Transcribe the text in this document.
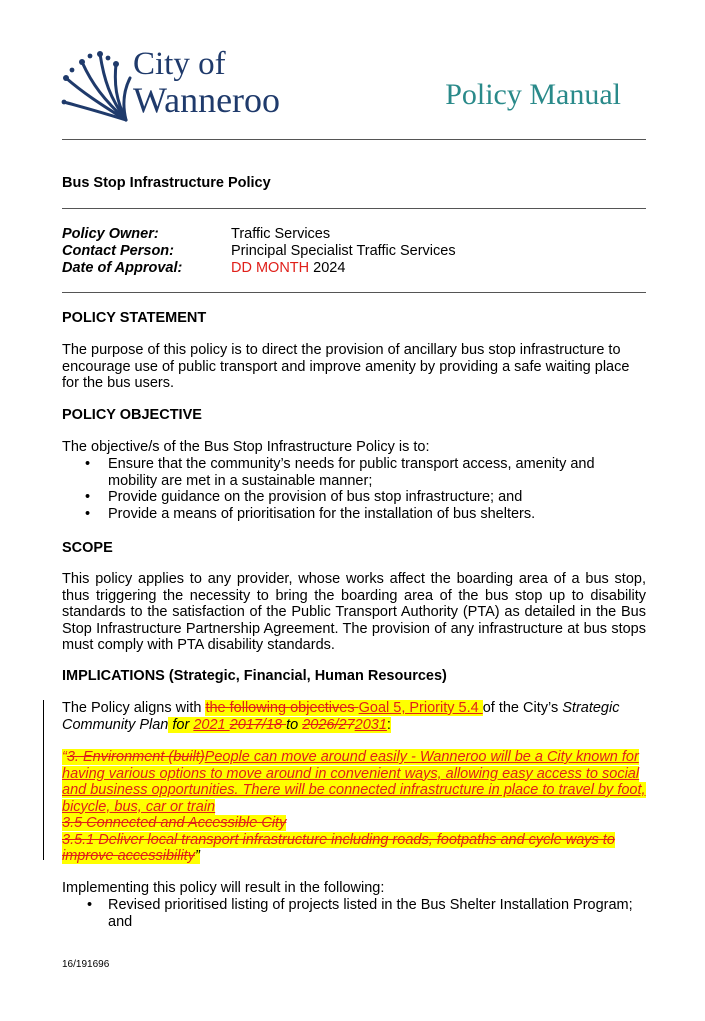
City of
Wanneroo	Policy Manual
Bus Stop Infrastructure Policy
Policy Owner:	Traffic Services
Contact Person:	Principal Specialist Traffic Services
Date of Approval:	DD MONTH 2024
POLICY STATEMENT
The purpose of this policy is to direct the provision of ancillary bus stop infrastructure to encourage use of public transport and improve amenity by providing a safe waiting place for the bus users.
POLICY OBJECTIVE
The objective/s of the Bus Stop Infrastructure Policy is to:
• Ensure that the community’s needs for public transport access, amenity and mobility are met in a sustainable manner;
• Provide guidance on the provision of bus stop infrastructure; and
• Provide a means of prioritisation for the installation of bus shelters.
SCOPE
This policy applies to any provider, whose works affect the boarding area of a bus stop, thus triggering the necessity to bring the boarding area of the bus stop up to disability standards to the satisfaction of the Public Transport Authority (PTA) as detailed in the Bus Stop Infrastructure Partnership Agreement. The provision of any infrastructure at bus stops must comply with PTA disability standards.
IMPLICATIONS (Strategic, Financial, Human Resources)
The Policy aligns with the following objectives Goal 5, Priority 5.4 of the City’s Strategic Community Plan for 2021 2017/18 to 2026/272031:
“3. Environment (built)People can move around easily - Wanneroo will be a City known for
having various options to move around in convenient ways, allowing easy access to social
and business opportunities. There will be connected infrastructure in place to travel by foot,
bicycle, bus, car or train
3.5 Connected and Accessible City
3.5.1 Deliver local transport infrastructure including roads, footpaths and cycle ways to
improve accessibility”
Implementing this policy will result in the following:
• Revised prioritised listing of projects listed in the Bus Shelter Installation Program; and
16/191696
